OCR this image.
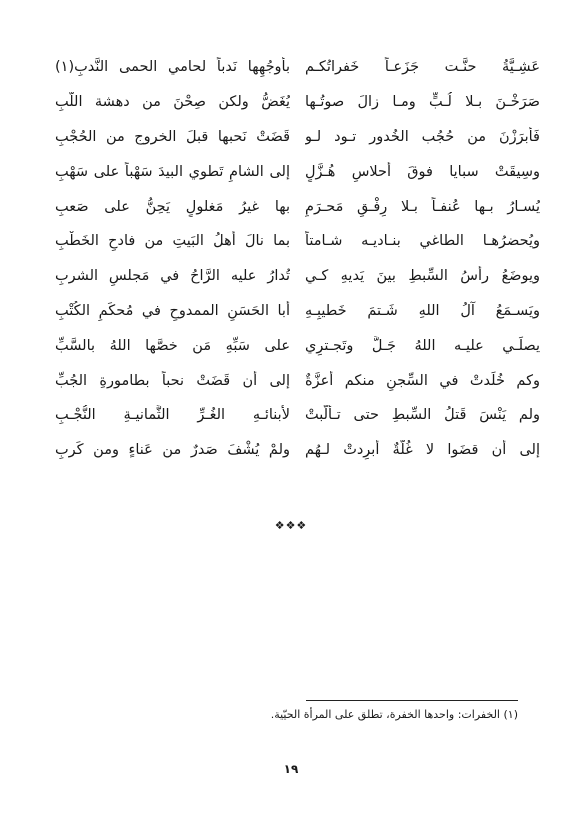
عَشِـيَّةُ حنَّـت جَزَعـاً خَفراتُكـم
بأوجُهِها نَدباً لحامي الحمى النَّدبِ(١)
صَرَخْـنَ بـلا لُـبٍّ ومـا زالَ صوتُـها
يُغَضُّ ولكن صِحْنَ من دهشة اللُّبِ
فَأبرَزْنَ من حُجُب الخُدور تـود لـو
قَضَتْ نَحبها قبلَ الخروج من الحُجْبِ
وسِيقَتْ سبايا فوقَ أحلاسِ هُـزَّلٍ
إلى الشامِ تَطوي البيدَ سَهْباً على سَهْبِ
يُسـارُ بـها عُنفـاً بـلا رِفْـقِ مَحـرَمٍ
بها غيرُ مَغلولٍ يَحِنُّ على صَعبِ
ويُحضرُهـا الطاغي بنـاديـه شـامتاً
بما نالَ أهلُ البَيتِ من فادحِ الخَطْبِ
ويوضَعُ رأسُ السِّبطِ بينَ يَديهِ كـي
تُدارُ عليه الرَّاحُ في مَجلسِ الشربِ
ويَسـمَعُ آلُ اللهِ شَـتمَ خَطيبِـهِ
أبا الحَسَنِ الممدوحِ في مُحكَمِ الكُتْبِ
يصلِّـي عليـه اللهُ جَـلَّ وتَجـترِي
على سَبِّهِ مَن خصَّها اللهُ بالسَّبِّ
وكم خُلِّدتْ في السِّجنِ منكم أعزَّةٌ
إلى أن قَضَتْ نحباً بطامورةِ الجُبِّ
ولم يَنْسَ قَتلُ السِّبطِ حتى تـألَّبتْ
لأبنائـهِ الغُـرِّ الثَّمانيـةِ النُّجْـبِ
إلى أن قضَوا لا غُلَّةٌ أُبرِدتْ لـهُم
ولمْ يُشْفَ صَدرٌ من عَناءٍ ومن كَربِ
❖❖❖
(١) الخفرات: واحدها الخفرة، تطلق على المرأة الحيّية.
١٩
